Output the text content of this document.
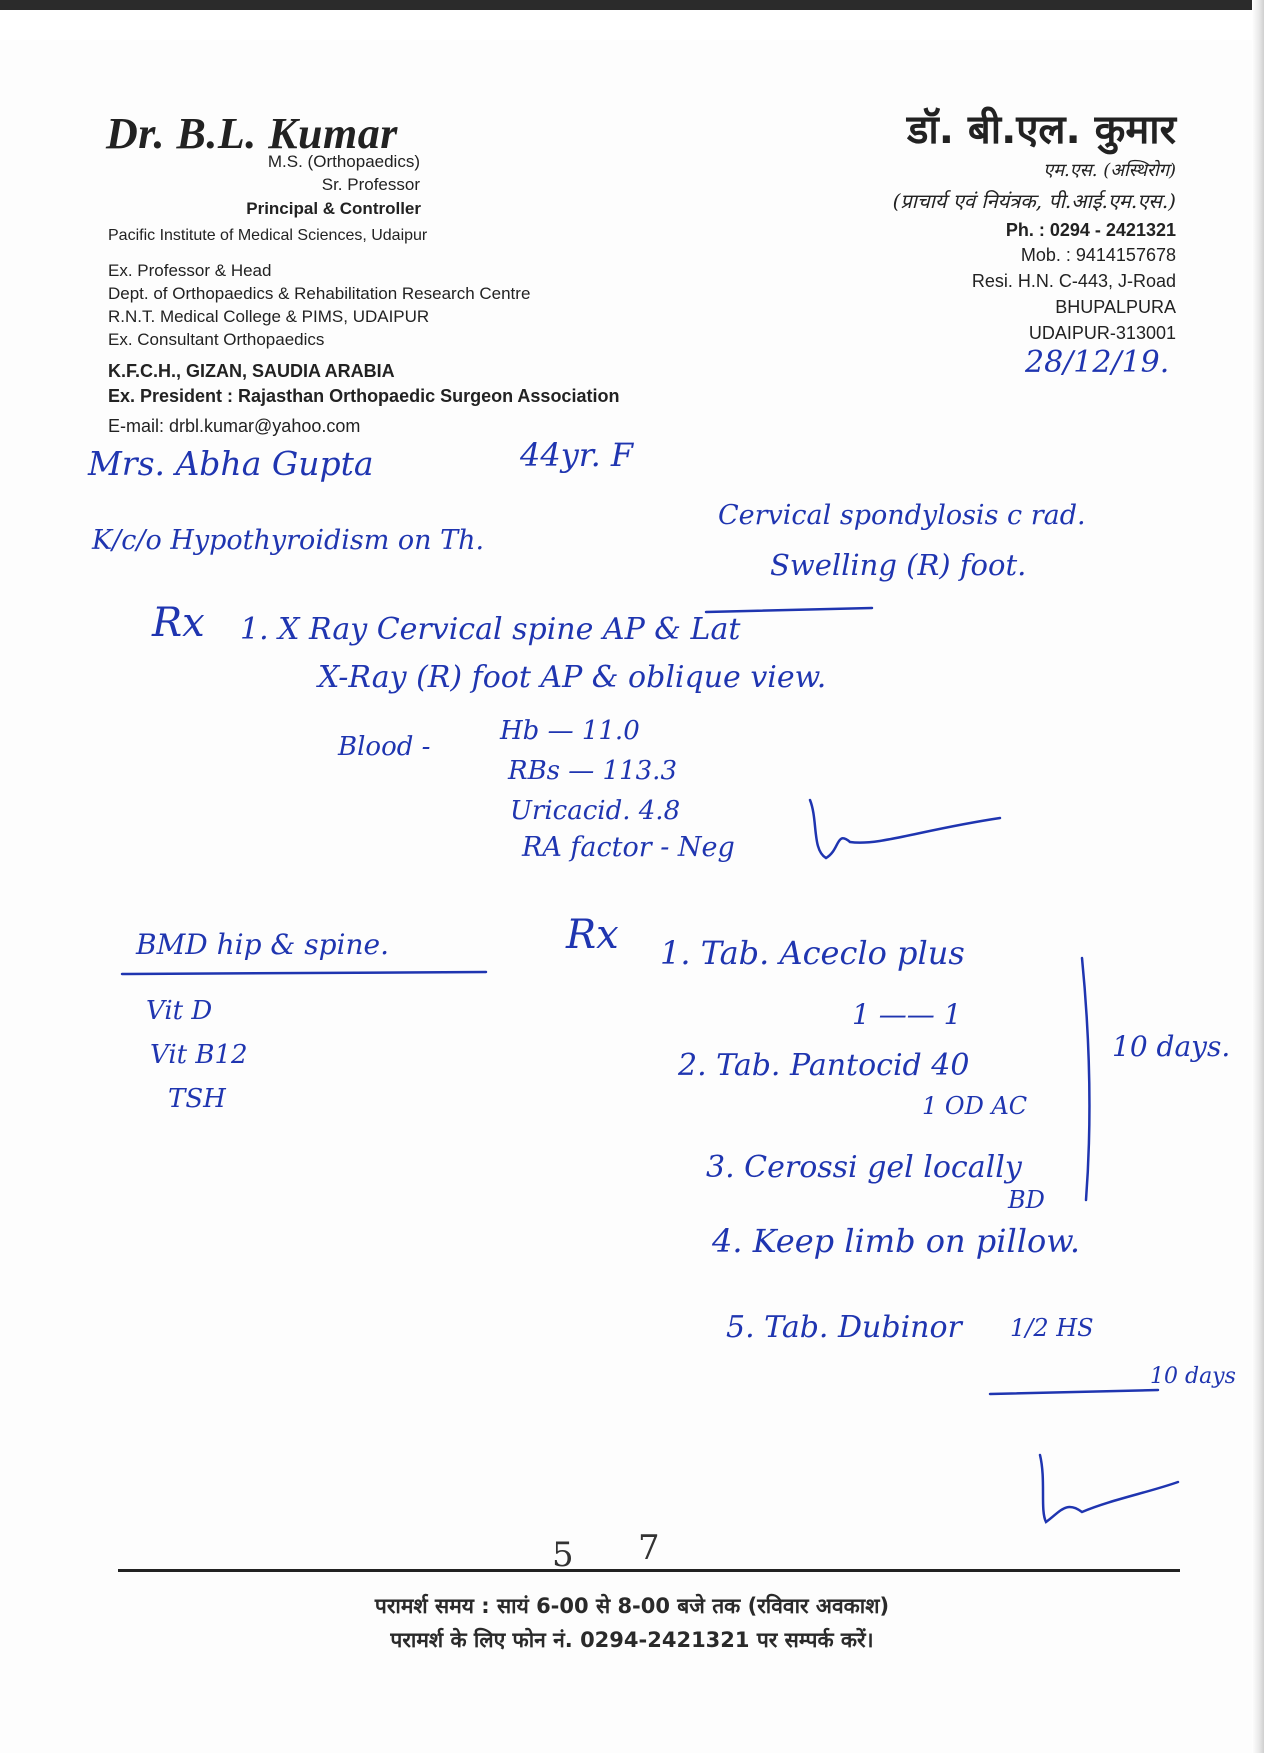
Dr. B.L. Kumar
M.S. (Orthopaedics)
Sr. Professor
Principal & Controller
Pacific Institute of Medical Sciences, Udaipur
Ex. Professor & Head
Dept. of Orthopaedics & Rehabilitation Research Centre
R.N.T. Medical College & PIMS, UDAIPUR
Ex. Consultant Orthopaedics
K.F.C.H., GIZAN, SAUDIA ARABIA
Ex. President : Rajasthan Orthopaedic Surgeon Association
E-mail: drbl.kumar@yahoo.com
डॉ. बी.एल. कुमार
एम.एस. (अस्थिरोग)
(प्राचार्य एवं नियंत्रक, पी.आई.एम.एस.)
Ph. : 0294 - 2421321
Mob. : 9414157678
Resi. H.N. C-443, J-Road
BHUPALPURA
UDAIPUR-313001
28/12/19.
Mrs. Abha Gupta	44yr. F
K/c/o Hypothyroidism on Th.
Cervical spondylosis c rad.
Swelling (R) foot.
Rx 1. X Ray Cervical spine AP & Lat
X-Ray (R) foot AP & oblique view.
Blood -
Hb — 11.0
RBs — 113.3
Uricacid. 4.8
RA factor - Neg
BMD hip & spine.
Vit D
Vit B12
TSH
Rx 1. Tab. Aceclo plus
1 —— 1
2. Tab. Pantocid 40
1 OD AC
3. Cerossi gel locally
BD
4. Keep limb on pillow.
5. Tab. Dubinor 1/2 HS
10 days.
10 days
5 7
परामर्श समय : सायं 6-00 से 8-00 बजे तक (रविवार अवकाश)
परामर्श के लिए फोन नं. 0294-2421321 पर सम्पर्क करें।
